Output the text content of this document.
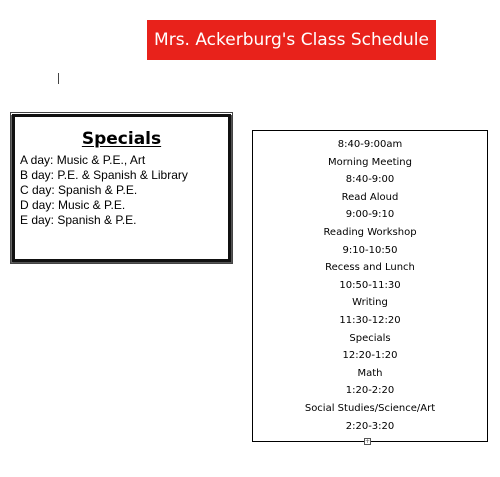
Mrs. Ackerburg's Class Schedule
Specials
A day: Music & P.E., Art
B day: P.E. & Spanish & Library
C day: Spanish & P.E.
D day: Music & P.E.
E day: Spanish & P.E.
8:40-9:00am
Morning Meeting
8:40-9:00
Read Aloud
9:00-9:10
Reading Workshop
9:10-10:50
Recess and Lunch
10:50-11:30
Writing
11:30-12:20
Specials
12:20-1:20
Math
1:20-2:20
Social Studies/Science/Art
2:20-3:20
+
